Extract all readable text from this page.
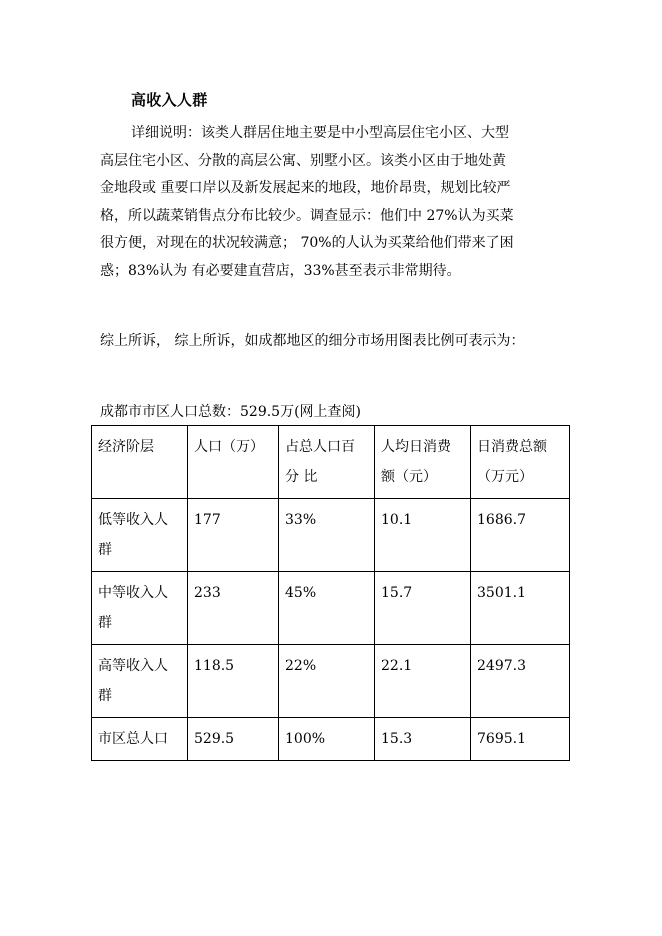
高收入人群

详细说明：该类人群居住地主要是中小型高层住宅小区、大型

高层住宅小区、分散的高层公寓、别墅小区。该类小区由于地处黄

金地段或 重要口岸以及新发展起来的地段，地价昂贵，规划比较严

格，所以蔬菜销售点分布比较少。调查显示：他们中 27%认为买菜

很方便，对现在的状况较满意； 70%的人认为买菜给他们带来了困

惑；83%认为 有必要建直营店，33%甚至表示非常期待。

综上所诉， 综上所诉，如成都地区的细分市场用图表比例可表示为：
成都市市区人口总数：529.5万(网上查阅)
经济阶层	人口（万）	占总人口百分 比	人均日消费额（元）	日消费总额（万元）
低等收入人群	177	33%	10.1	1686.7
中等收入人群	233	45%	15.7	3501.1
高等收入人群	118.5	22%	22.1	2497.3
市区总人口	529.5	100%	15.3	7695.1
